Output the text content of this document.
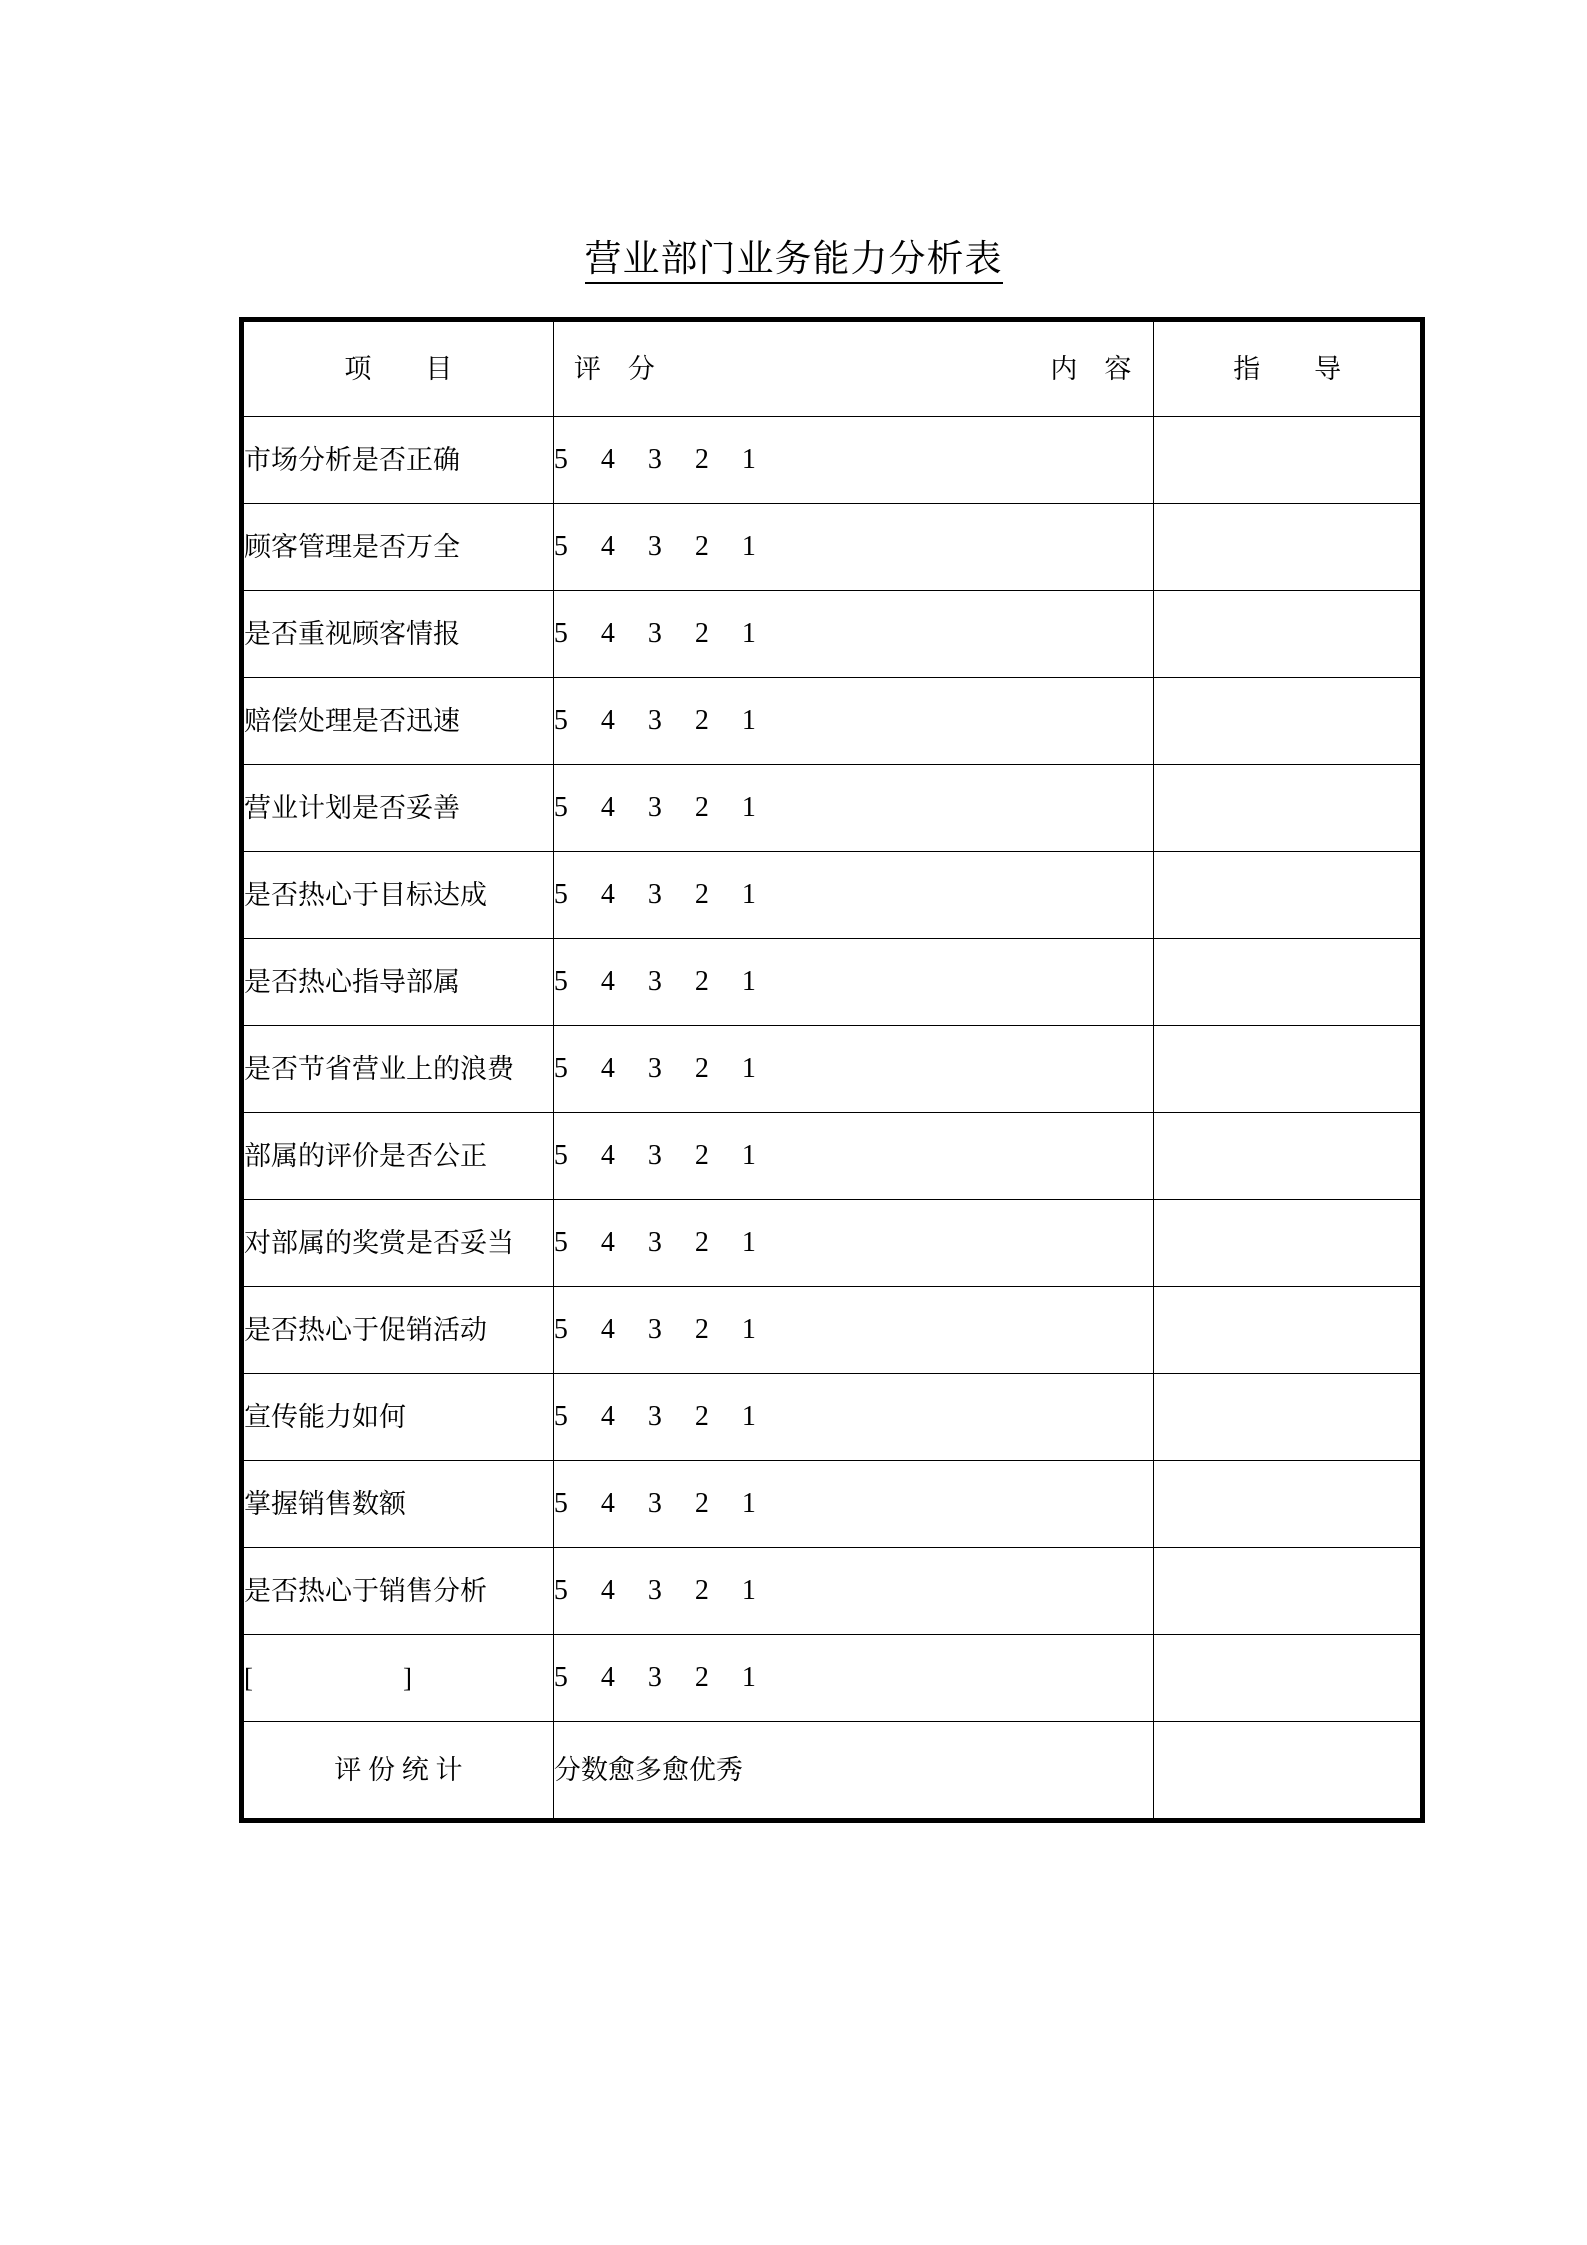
营业部门业务能力分析表
项　　目	评　分 内　容	指　　导

市场分析是否正确	5 4 3 2 1	
顾客管理是否万全	5 4 3 2 1	
是否重视顾客情报	5 4 3 2 1	
赔偿处理是否迅速	5 4 3 2 1	
营业计划是否妥善	5 4 3 2 1	
是否热心于目标达成	5 4 3 2 1	
是否热心指导部属	5 4 3 2 1	
是否节省营业上的浪费	5 4 3 2 1	
部属的评价是否公正	5 4 3 2 1	
对部属的奖赏是否妥当	5 4 3 2 1	
是否热心于促销活动	5 4 3 2 1	
宣传能力如何	5 4 3 2 1	
掌握销售数额	5 4 3 2 1	
是否热心于销售分析	5 4 3 2 1	
[ ]	5 4 3 2 1	
评 份 统 计	分数愈多愈优秀	
